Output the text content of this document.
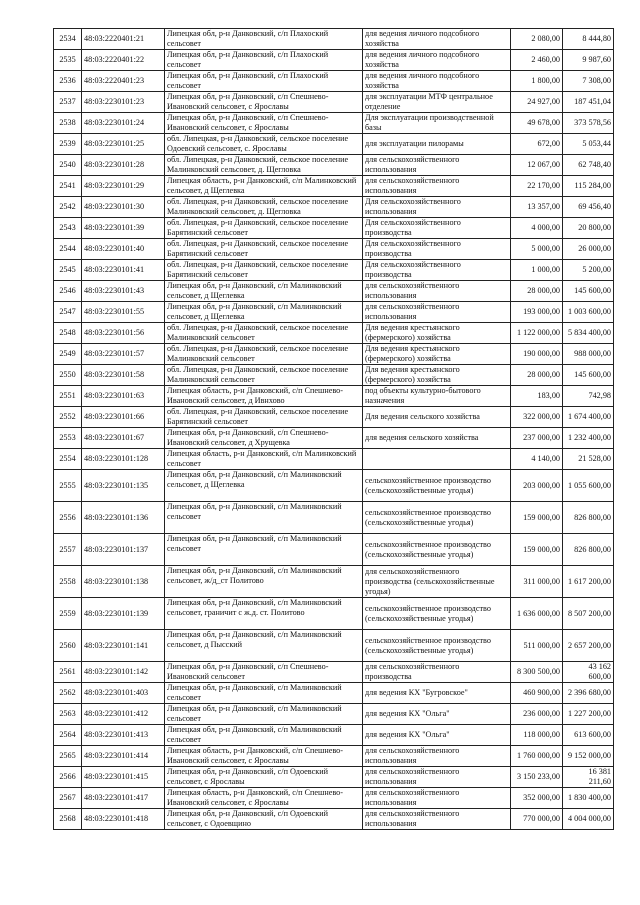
2534	48:03:2220401:21	Липецкая обл, р-н Данковский, с/п Плахоский сельсовет	для ведения личного подсобного хозяйства	2 080,00	8 444,80
2535	48:03:2220401:22	Липецкая обл, р-н Данковский, с/п Плахоский сельсовет	для ведения личного подсобного хозяйства	2 460,00	9 987,60
2536	48:03:2220401:23	Липецкая обл, р-н Данковский, с/п Плахоский сельсовет	для ведения личного подсобного хозяйства	1 800,00	7 308,00
2537	48:03:2230101:23	Липецкая обл, р-н Данковский, с/п Спешнево-Ивановский сельсовет, с Ярославы	для эксплуатации МТФ центральное отделение	24 927,00	187 451,04
2538	48:03:2230101:24	Липецкая обл, р-н Данковский, с/п Спешнево-Ивановский сельсовет, с Ярославы	Для эксплуатации производственной базы	49 678,00	373 578,56
2539	48:03:2230101:25	обл. Липецкая, р-н Данковский, сельское поселение Одоевский сельсовет, с. Ярославы	для эксплуатации пилорамы	672,00	5 053,44
2540	48:03:2230101:28	обл. Липецкая, р-н Данковский, сельское поселение Малинковский сельсовет, д. Щегловка	для сельскохозяйственного использования	12 067,00	62 748,40
2541	48:03:2230101:29	Липецкая область, р-н Данковский, с/п Малинковский сельсовет, д Щеглевка	для сельскохозяйственного использования	22 170,00	115 284,00
2542	48:03:2230101:30	обл. Липецкая, р-н Данковский, сельское поселение Малинковский сельсовет, д. Щегловка	Для сельскохозяйственного использования	13 357,00	69 456,40
2543	48:03:2230101:39	обл. Липецкая, р-н Данковский, сельское поселение Барятинский сельсовет	Для сельскохозяйственного производства	4 000,00	20 800,00
2544	48:03:2230101:40	обл. Липецкая, р-н Данковский, сельское поселение Барятинский сельсовет	Для сельскохозяйственного производства	5 000,00	26 000,00
2545	48:03:2230101:41	обл. Липецкая, р-н Данковский, сельское поселение Барятинский сельсовет	Для сельскохозяйственного производства	1 000,00	5 200,00
2546	48:03:2230101:43	Липецкая обл, р-н Данковский, с/п Малинковский сельсовет, д Щеглевка	для сельскохозяйственного использования	28 000,00	145 600,00
2547	48:03:2230101:55	Липецкая обл, р-н Данковский, с/п Малинковский сельсовет, д Щеглевка	для сельскохозяйственного использования	193 000,00	1 003 600,00
2548	48:03:2230101:56	обл. Липецкая, р-н Данковский, сельское поселение Малинковский сельсовет	Для ведения крестьянского (фермерского) хозяйства	1 122 000,00	5 834 400,00
2549	48:03:2230101:57	обл. Липецкая, р-н Данковский, сельское поселение Малинковский сельсовет	Для ведения крестьянского (фермерского) хозяйства	190 000,00	988 000,00
2550	48:03:2230101:58	обл. Липецкая, р-н Данковский, сельское поселение Малинковский сельсовет	Для ведения крестьянского (фермерского) хозяйства	28 000,00	145 600,00
2551	48:03:2230101:63	Липецкая область, р-н Данковский, с/п Спешнево-Ивановский сельсовет, д Ивнхово	под объекты культурно-бытового назначения	183,00	742,98
2552	48:03:2230101:66	обл. Липецкая, р-н Данковский, сельское поселение Барятинский сельсовет	Для ведения сельского хозяйства	322 000,00	1 674 400,00
2553	48:03:2230101:67	Липецкая обл, р-н Данковский, с/п Спешнево-Ивановский сельсовет, д Хрущевка	для ведения сельского хозяйства	237 000,00	1 232 400,00
2554	48:03:2230101:128	Липецкая область, р-н Данковский, с/п Малинковский сельсовет		4 140,00	21 528,00
2555	48:03:2230101:135	Липецкая обл, р-н Данковский, с/п Малинковский сельсовет, д Щеглевка	сельскохозяйственное производство (сельскохозяйственные угодья)	203 000,00	1 055 600,00
2556	48:03:2230101:136	Липецкая обл, р-н Данковский, с/п Малинковский сельсовет	сельскохозяйственное производство (сельскохозяйственные угодья)	159 000,00	826 800,00
2557	48:03:2230101:137	Липецкая обл, р-н Данковский, с/п Малинковский сельсовет	сельскохозяйственное производство (сельскохозяйственные угодья)	159 000,00	826 800,00
2558	48:03:2230101:138	Липецкая обл, р-н Данковский, с/п Малинковский сельсовет, ж/д_ст Политово	для сельскохозяйственного производства (сельскохозяйственные угодья)	311 000,00	1 617 200,00
2559	48:03:2230101:139	Липецкая обл, р-н Данковский, с/п Малинковский сельсовет, граничит с ж.д. ст. Политово	сельскохозяйственное производство (сельскохозяйственные угодья)	1 636 000,00	8 507 200,00
2560	48:03:2230101:141	Липецкая обл, р-н Данковский, с/п Малинковский сельсовет, д Пысский	сельскохозяйственное производство (сельскохозяйственные угодья)	511 000,00	2 657 200,00
2561	48:03:2230101:142	Липецкая обл, р-н Данковский, с/п Спешнево-Ивановский сельсовет	для сельскохозяйственного производства	8 300 500,00	43 162 600,00
2562	48:03:2230101:403	Липецкая обл, р-н Данковский, с/п Малинковский сельсовет	для ведения КХ "Бугровское"	460 900,00	2 396 680,00
2563	48:03:2230101:412	Липецкая обл, р-н Данковский, с/п Малинковский сельсовет	для ведения КХ "Ольга"	236 000,00	1 227 200,00
2564	48:03:2230101:413	Липецкая обл, р-н Данковский, с/п Малинковский сельсовет	для ведения КХ "Ольга"	118 000,00	613 600,00
2565	48:03:2230101:414	Липецкая область, р-н Данковский, с/п Спешнево-Ивановский сельсовет, с Ярославы	для сельскохозяйственного использования	1 760 000,00	9 152 000,00
2566	48:03:2230101:415	Липецкая обл, р-н Данковский, с/п Одоевский сельсовет, с Ярославы	для сельскохозяйственного использования	3 150 233,00	16 381 211,60
2567	48:03:2230101:417	Липецкая область, р-н Данковский, с/п Спешнево-Ивановский сельсовет, с Ярославы	для сельскохозяйственного использования	352 000,00	1 830 400,00
2568	48:03:2230101:418	Липецкая обл, р-н Данковский, с/п Одоевский сельсовет, с Одоевщино	для сельскохозяйственного использования	770 000,00	4 004 000,00
